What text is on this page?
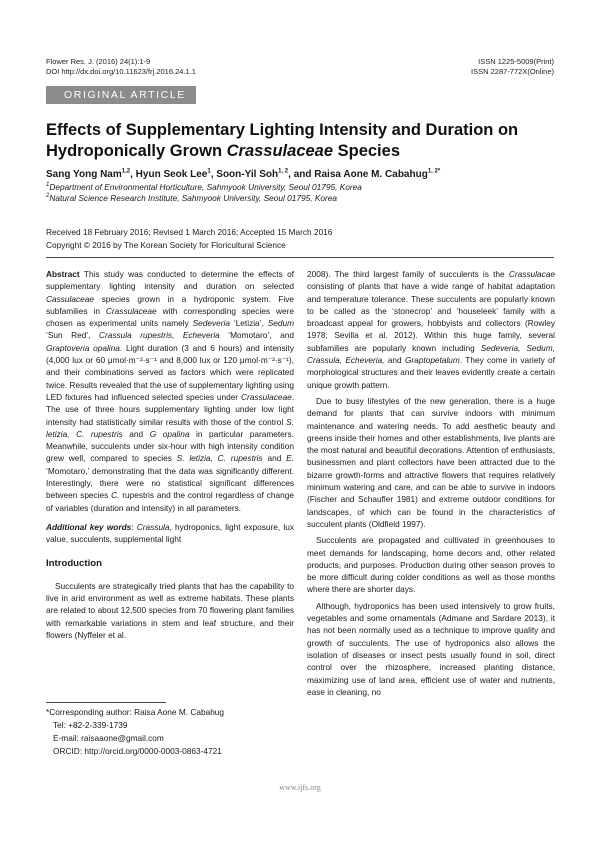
Flower Res. J. (2016) 24(1):1-9
DOI http://dx.doi.org/10.11623/frj.2016.24.1.1
ISSN 1225-5009(Print)
ISSN 2287-772X(Online)
ORIGINAL ARTICLE
Effects of Supplementary Lighting Intensity and Duration on
Hydroponically Grown Crassulaceae Species
Sang Yong Nam$^{1,2}$, Hyun Seok Lee$^1$, Soon-Yil Soh$^{1, 2}$, and Raisa Aone M. Cabahug$^{1, 2*}$
$^1$Department of Environmental Horticulture, Sahmyook University, Seoul 01795, Korea
$^2$Natural Science Research Institute, Sahmyook University, Seoul 01795, Korea
Received 18 February 2016; Revised 1 March 2016; Accepted 15 March 2016
Copyright © 2016 by The Korean Society for Floricultural Science

Abstract This study was conducted to determine the effects of supplementary lighting intensity and duration on selected Cassulaceae species grown in a hydroponic system. Five subfamilies in Crassulaceae with corresponding species were chosen as experimental units namely Sedeveria ‘Letizia’, Sedum ‘Sun Red’, Crassula rupestris, Echeveria ‘Momotaro’, and Graptoveria opalina. Light duration (3 and 6 hours) and intensity (4,000 lux or 60 μmol·m⁻²·s⁻¹ and 8,000 lux or 120 μmol·m⁻²·s⁻¹), and their combinations served as factors which were replicated twice. Results revealed that the use of supplementary lighting using LED fixtures had influenced selected species under Crassulaceae. The use of three hours supplementary lighting under low light intensity had statistically similar results with those of the control S. letizia, C. rupestris and G opalina in particular parameters. Meanwhile, succulents under six-hour with high intensity condition grew well, compared to species S. letizia, C. rupestris and E. ‘Momotaro,’ demonstrating that the data was significantly different. Interestingly, there were no statistical significant differences between species C. rupestris and the control regardless of change of variables (duration and intensity) in all parameters.

Additional key words: Crassula, hydroponics, light exposure, lux value, succulents, supplemental light

Introduction

Succulents are strategically tried plants that has the capability to live in arid environment as well as extreme habitats. These plants are related to about 12,500 species from 70 flowering plant families with remarkable variations in stem and leaf structure, and their flowers (Nyffeler et al.

*Corresponding author: Raisa Aone M. Cabahug
Tel: +82-2-339-1739
E-mail: raisaaone@gmail.com
ORCID: http://orcid.org/0000-0003-0863-4721

2008). The third largest family of succulents is the Crassulacae consisting of plants that have a wide range of habitat adaptation and temperature tolerance. These succulents are popularly known to be called as the ‘stonecrop’ and ‘houseleek’ family with a broadcast appeal for growers, hobbyists and collectors (Rowley 1978; Sevilla et al. 2012). Within this huge family, several subfamilies are popularly known including Sedeveria, Sedum, Crassula, Echeveria, and Graptopetalum. They come in variety of morphological structures and their leaves evidently create a certain unique growth pattern.

Due to busy lifestyles of the new generation, there is a huge demand for plants that can survive indoors with minimum maintenance and watering needs. To add aesthetic beauty and greens inside their homes and other establishments, live plants are the most natural and beautiful decorations. Attention of enthusiasts, businessmen and plant collectors have been attracted due to the bizarre growth-forms and attractive flowers that requires relatively minimum watering and care, and can be able to survive in indoors (Fischer and Schaufler 1981) and extreme outdoor conditions for landscapes, of which can be found in the characteristics of succulent plants (Oldfield 1997).

Succulents are propagated and cultivated in greenhouses to meet demands for landscaping, home decors and, other related products, and purposes. Production during other season proves to be more difficult during colder conditions as well as those months where there are shorter days.

Although, hydroponics has been used intensively to grow fruits, vegetables and some ornamentals (Admane and Sardare 2013), it has not been normally used as a technique to improve quality and growth of succulents. The use of hydroponics also allows the isolation of diseases or insect pests usually found in soil, direct control over the rhizosphere, increased planting distance, maximizing use of land area, efficient use of water and nutrients, ease in cleaning, no

www.ijfs.org
